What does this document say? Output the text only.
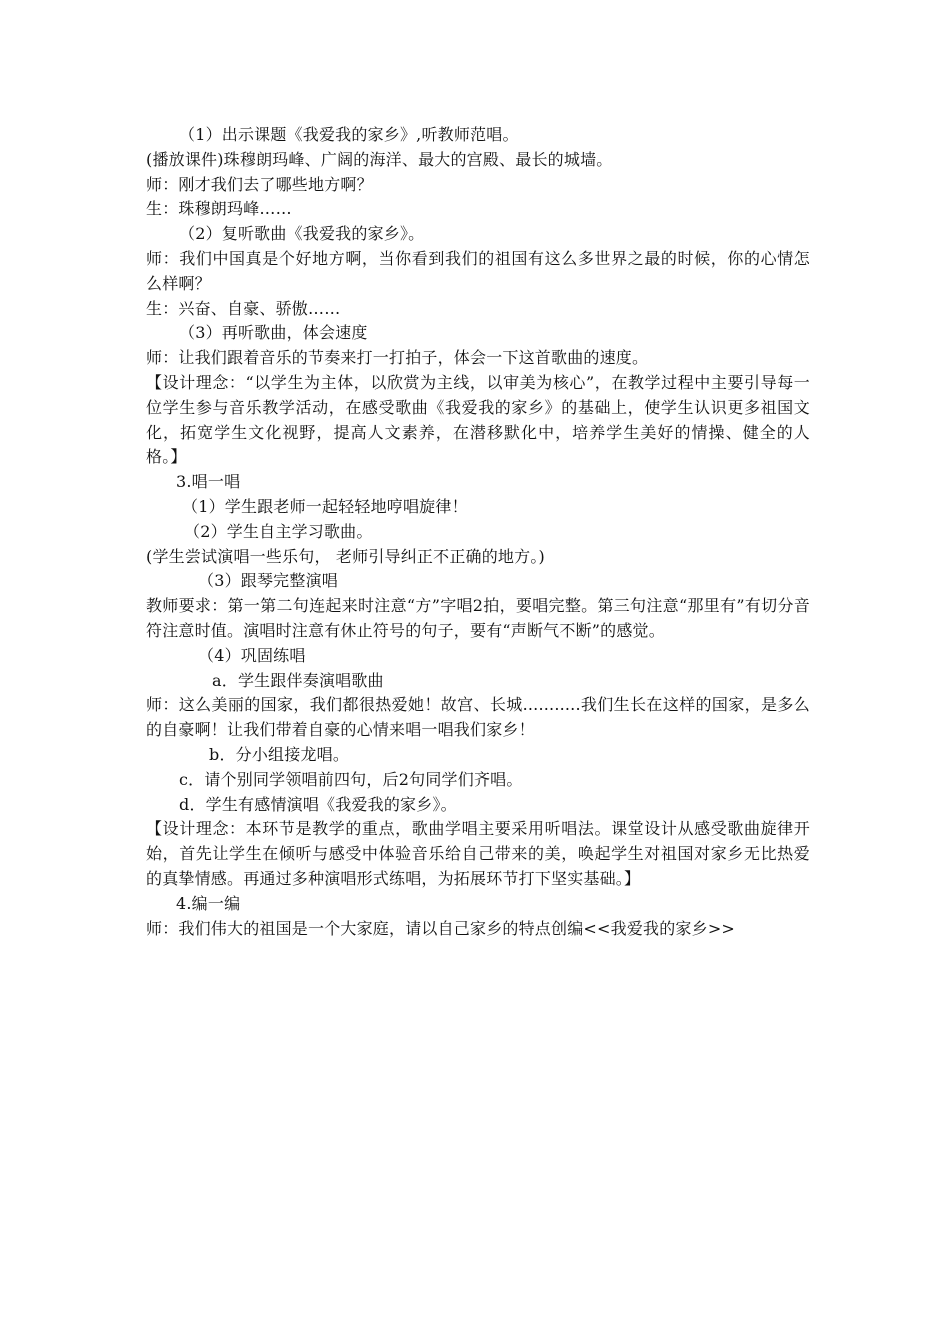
（1）出示课题《我爱我的家乡》,听教师范唱。
(播放课件)珠穆朗玛峰、广阔的海洋、最大的宫殿、最长的城墙。
师：刚才我们去了哪些地方啊？
生：珠穆朗玛峰……
（2）复听歌曲《我爱我的家乡》。
师：我们中国真是个好地方啊，当你看到我们的祖国有这么多世界之最的时候，你的心情怎么样啊？
生：兴奋、自豪、骄傲……
（3）再听歌曲，体会速度
师：让我们跟着音乐的节奏来打一打拍子，体会一下这首歌曲的速度。
【设计理念：“以学生为主体，以欣赏为主线，以审美为核心”，在教学过程中主要引导每一位学生参与音乐教学活动，在感受歌曲《我爱我的家乡》的基础上，使学生认识更多祖国文化，拓宽学生文化视野，提高人文素养，在潜移默化中，培养学生美好的情操、健全的人格。】
3.唱一唱
（1）学生跟老师一起轻轻地哼唱旋律！
（2）学生自主学习歌曲。
(学生尝试演唱一些乐句， 老师引导纠正不正确的地方。)
（3）跟琴完整演唱
教师要求：第一第二句连起来时注意“方”字唱2拍，要唱完整。第三句注意“那里有”有切分音符注意时值。演唱时注意有休止符号的句子，要有“声断气不断”的感觉。
（4）巩固练唱
a．学生跟伴奏演唱歌曲
师：这么美丽的国家，我们都很热爱她！故宫、长城...........我们生长在这样的国家，是多么的自豪啊！让我们带着自豪的心情来唱一唱我们家乡！
b．分小组接龙唱。
c．请个别同学领唱前四句，后2句同学们齐唱。
d．学生有感情演唱《我爱我的家乡》。
【设计理念：本环节是教学的重点，歌曲学唱主要采用听唱法。课堂设计从感受歌曲旋律开始，首先让学生在倾听与感受中体验音乐给自己带来的美，唤起学生对祖国对家乡无比热爱的真挚情感。再通过多种演唱形式练唱，为拓展环节打下坚实基础。】
4.编一编
师：我们伟大的祖国是一个大家庭，请以自己家乡的特点创编<<我爱我的家乡>>
